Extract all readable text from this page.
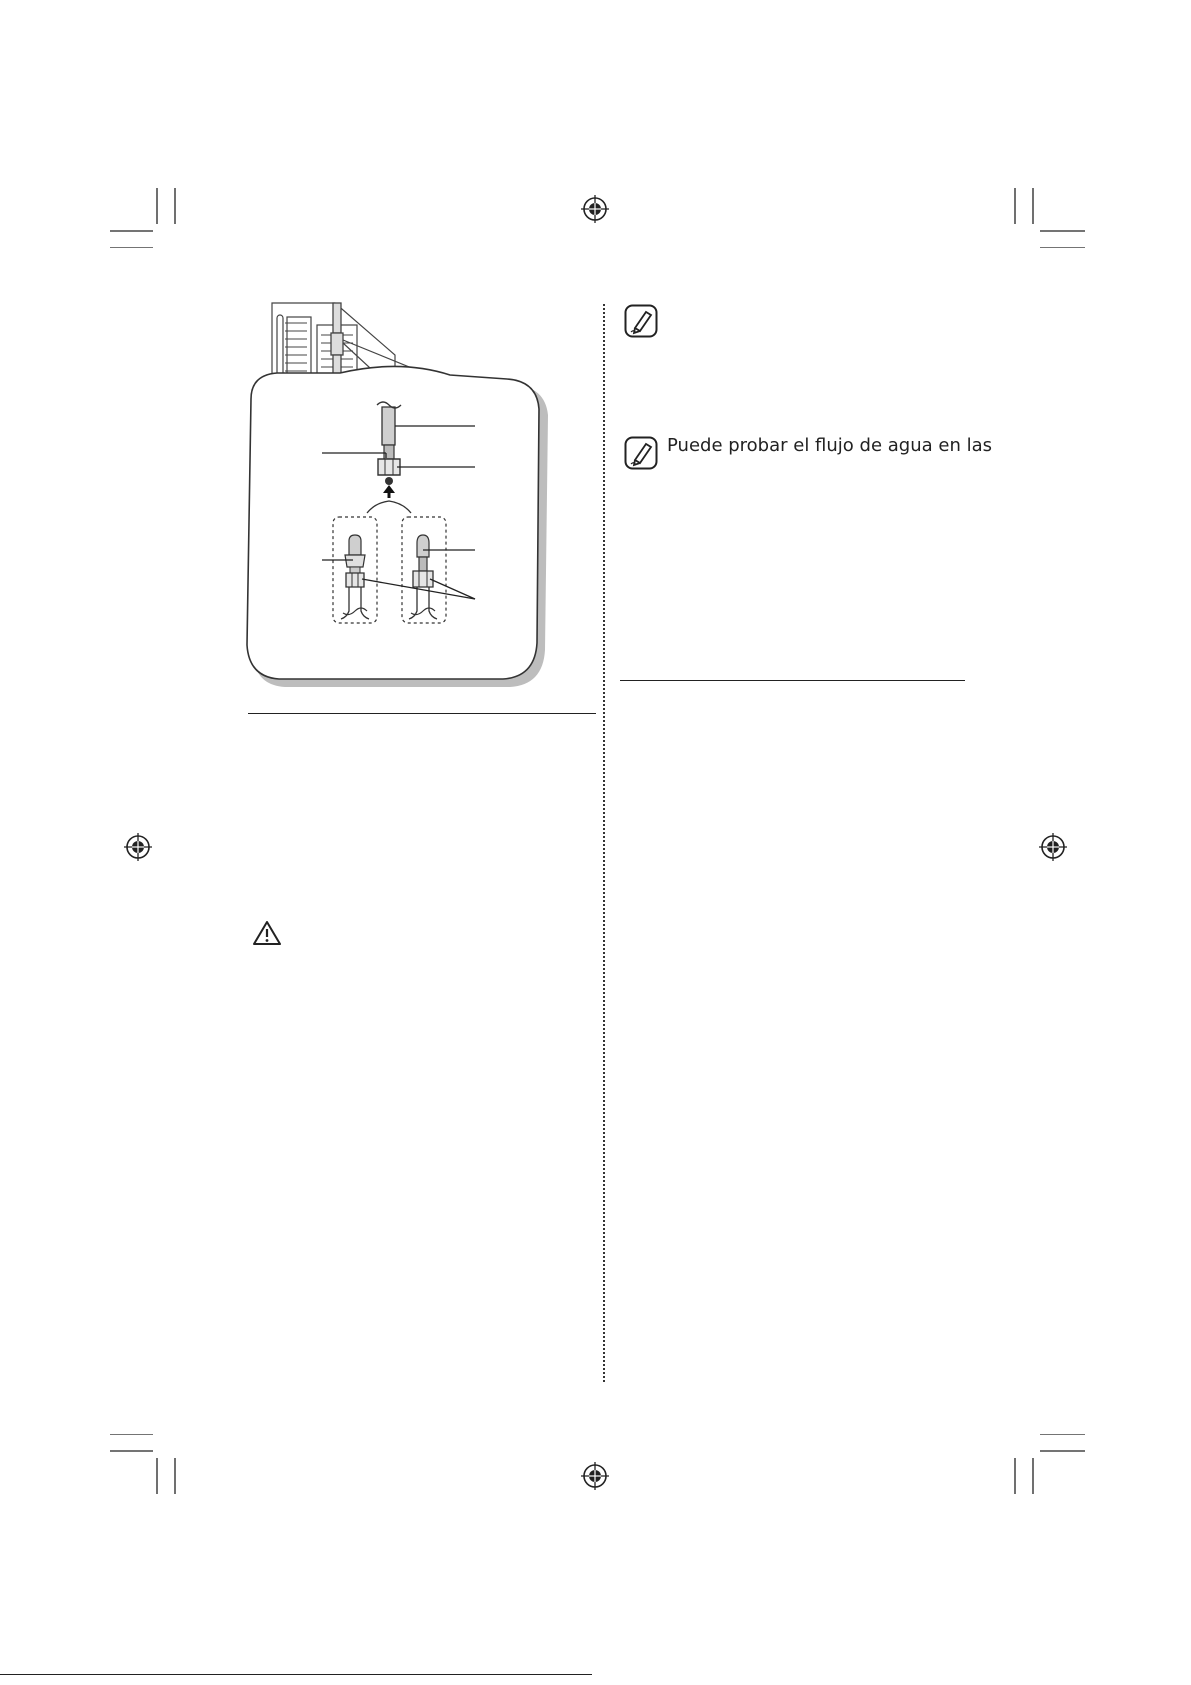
Puede probar el flujo de agua en las
